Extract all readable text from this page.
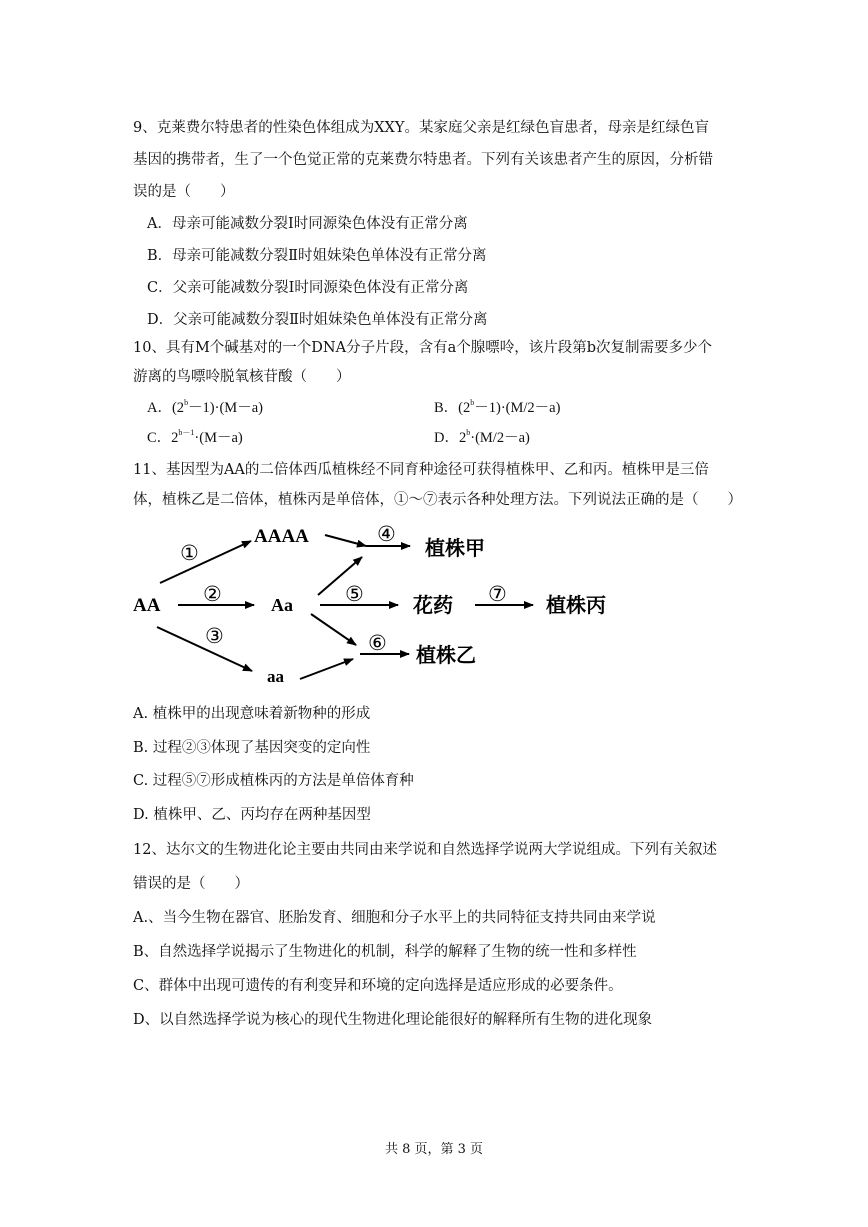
9、克莱费尔特患者的性染色体组成为XXY。某家庭父亲是红绿色盲患者，母亲是红绿色盲
基因的携带者，生了一个色觉正常的克莱费尔特患者。下列有关该患者产生的原因，分析错
误的是（　　）
A．母亲可能减数分裂Ⅰ时同源染色体没有正常分离
B．母亲可能减数分裂Ⅱ时姐妹染色单体没有正常分离
C．父亲可能减数分裂Ⅰ时同源染色体没有正常分离
D．父亲可能减数分裂Ⅱ时姐妹染色单体没有正常分离
10、具有M个碱基对的一个DNA分子片段，含有a个腺嘌呤，该片段第b次复制需要多少个
游离的鸟嘌呤脱氧核苷酸（　　）
A．$(2^b-1)\cdot(M-a)$	B．$(2^b-1)\cdot(M/2-a)$
C．$2^{b-1}\cdot(M-a)$	D．$2^b\cdot(M/2-a)$
11、基因型为AA的二倍体西瓜植株经不同育种途径可获得植株甲、乙和丙。植株甲是三倍
体，植株乙是二倍体，植株丙是单倍体，①～⑦表示各种处理方法。下列说法正确的是（　　）
AA
AAAA
Aa
aa
花药
植株甲
植株丙
植株乙
①
②
③
④
⑤
⑥
⑦
A. 植株甲的出现意味着新物种的形成
B. 过程②③体现了基因突变的定向性
C. 过程⑤⑦形成植株丙的方法是单倍体育种
D. 植株甲、乙、丙均存在两种基因型
12、达尔文的生物进化论主要由共同由来学说和自然选择学说两大学说组成。下列有关叙述
错误的是（　　）
A.、当今生物在器官、胚胎发育、细胞和分子水平上的共同特征支持共同由来学说
B、自然选择学说揭示了生物进化的机制，科学的解释了生物的统一性和多样性
C、群体中出现可遗传的有利变异和环境的定向选择是适应形成的必要条件。
D、以自然选择学说为核心的现代生物进化理论能很好的解释所有生物的进化现象
共 8 页，第 3 页
